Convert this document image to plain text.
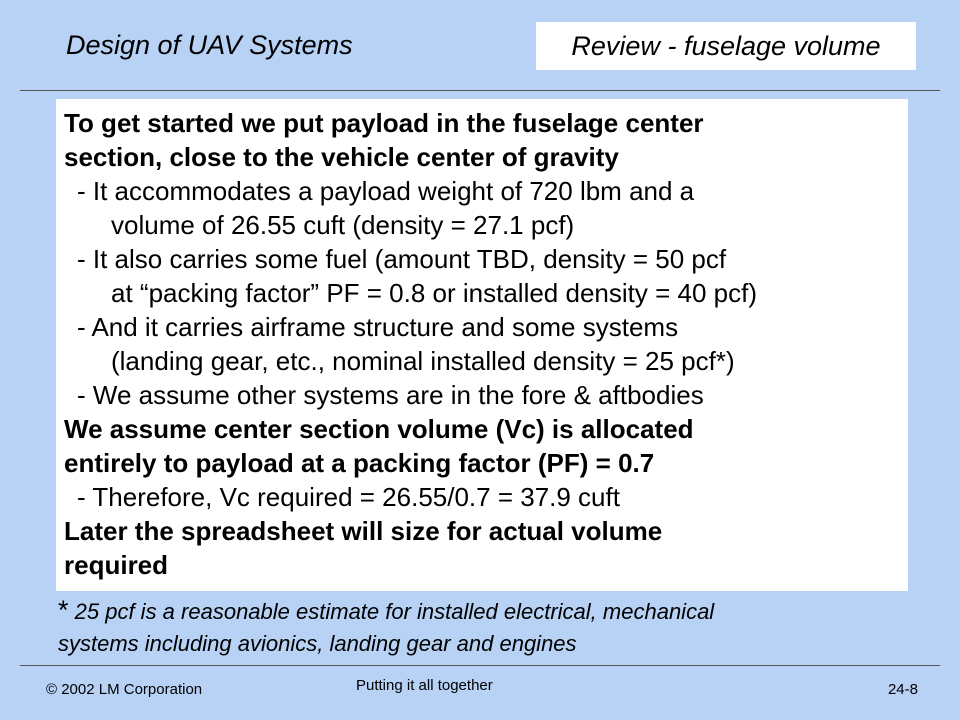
Design of UAV Systems	Review - fuselage volume
To get started we put payload in the fuselage center
section, close to the vehicle center of gravity
- It accommodates a payload weight of 720 lbm and a
volume of 26.55 cuft (density = 27.1 pcf)
- It also carries some fuel (amount TBD, density = 50 pcf
at “packing factor” PF = 0.8 or installed density = 40 pcf)
- And it carries airframe structure and some systems
(landing gear, etc., nominal installed density = 25 pcf*)
- We assume other systems are in the fore & aftbodies
We assume center section volume (Vc) is allocated
entirely to payload at a packing factor (PF) = 0.7
- Therefore, Vc required = 26.55/0.7 = 37.9 cuft
Later the spreadsheet will size for actual volume
required
* 25 pcf is a reasonable estimate for installed electrical, mechanical
systems including avionics, landing gear and engines
© 2002 LM Corporation	Putting it all together	24-8
